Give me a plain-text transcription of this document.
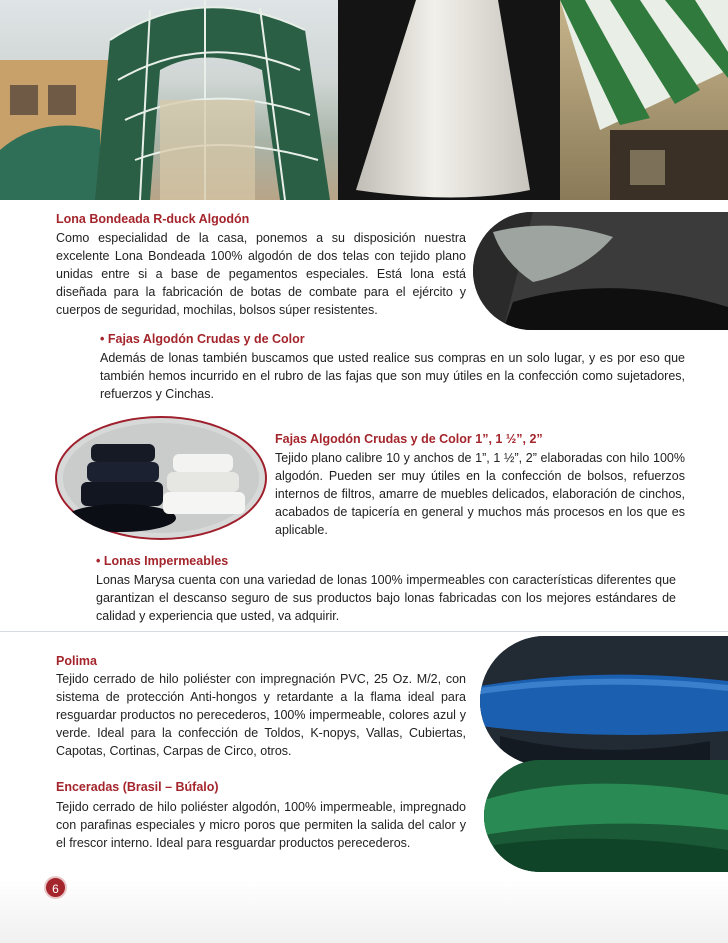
Lona Bondeada R-duck Algodón
Como especialidad de la casa, ponemos a su disposición nuestra excelente Lona Bondeada 100% algodón de dos telas con tejido plano unidas entre si a base de pegamentos especiales. Está lona está diseñada para la fabricación de botas de combate para el ejército y cuerpos de seguridad, mochilas, bolsos súper resistentes.
• Fajas Algodón Crudas y de Color
Además de lonas también buscamos que usted realice sus compras en un solo lugar, y es por eso que también hemos incurrido en el rubro de las fajas que son muy útiles en la confección como sujetadores, refuerzos y Cinchas.
Fajas Algodón Crudas y de Color 1”, 1 ½”, 2”
Tejido plano calibre 10 y anchos de 1”, 1 ½”, 2” elaboradas con hilo 100% algodón. Pueden ser muy útiles en la confección de bolsos, refuerzos internos de filtros, amarre de muebles delicados, elaboración de cinchos, acabados de tapicería en general y muchos más procesos en los que es aplicable.
• Lonas Impermeables
Lonas Marysa cuenta con una variedad de lonas 100% impermeables con características diferentes que garantizan el descanso seguro de sus productos bajo lonas fabricadas con los mejores estándares de calidad y experiencia que usted, va adquirir.
Polima
Tejido cerrado de hilo poliéster con impregnación PVC, 25 Oz. M/2, con sistema de protección Anti-hongos y retardante a la flama ideal para resguardar productos no perecederos, 100% impermeable, colores azul y verde. Ideal para la confección de Toldos, K-nopys, Vallas, Cubiertas, Capotas, Cortinas, Carpas de Circo, otros.
Enceradas (Brasil – Búfalo)
Tejido cerrado de hilo poliéster algodón, 100% impermeable, impregnado con parafinas especiales y micro poros que permiten la salida del calor y el frescor interno. Ideal para resguardar productos perecederos.
6
